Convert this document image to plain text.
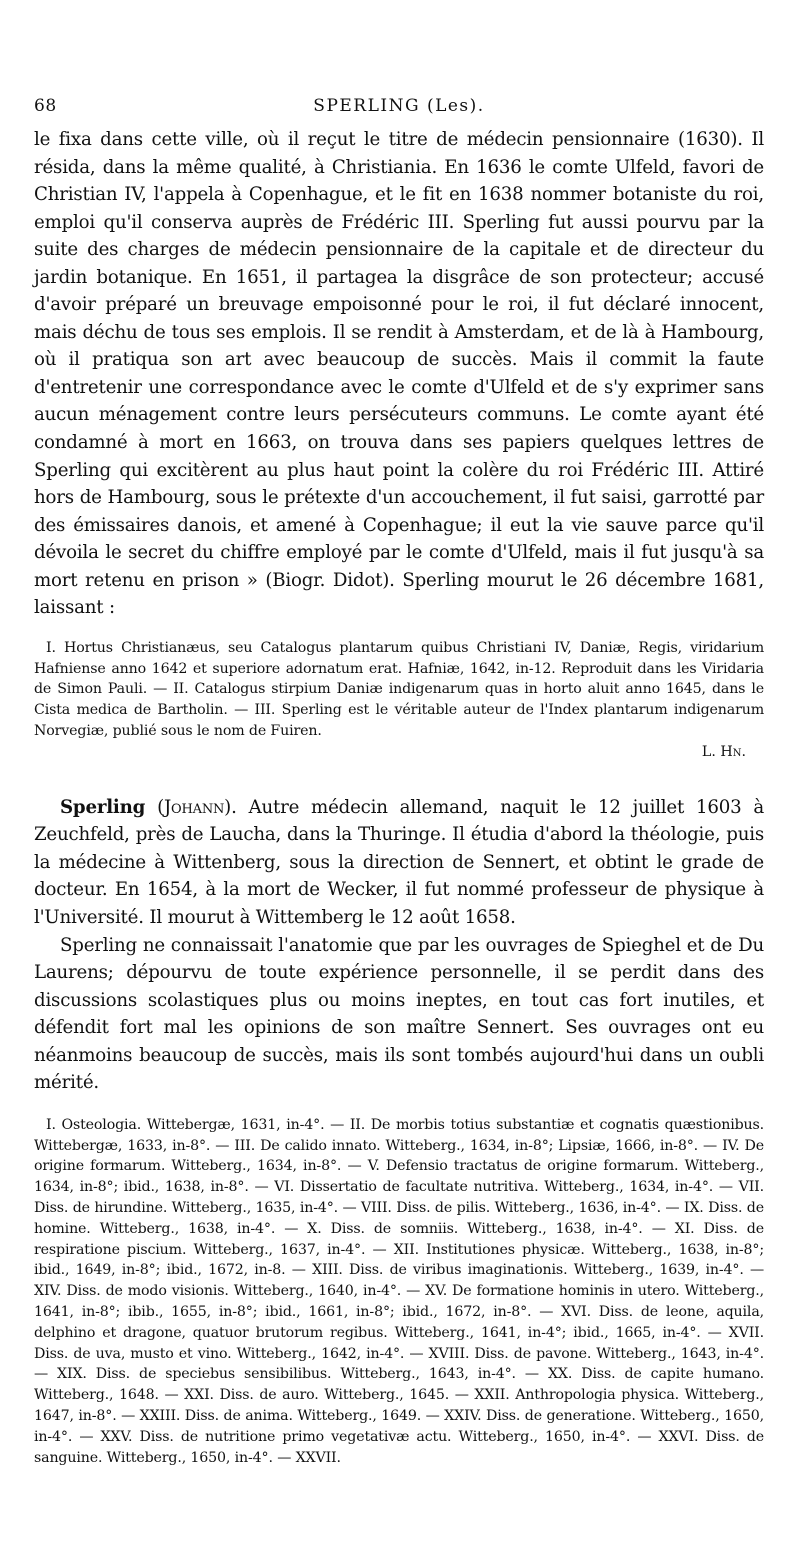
68	SPERLING (Les).

le fixa dans cette ville, où il reçut le titre de médecin pensionnaire (1630). Il résida, dans la même qualité, à Christiania. En 1636 le comte Ulfeld, favori de Christian IV, l'appela à Copenhague, et le fit en 1638 nommer botaniste du roi, emploi qu'il conserva auprès de Frédéric III. Sperling fut aussi pourvu par la suite des charges de médecin pensionnaire de la capitale et de directeur du jardin botanique. En 1651, il partagea la disgrâce de son protecteur; accusé d'avoir préparé un breuvage empoisonné pour le roi, il fut déclaré innocent, mais déchu de tous ses emplois. Il se rendit à Amsterdam, et de là à Hambourg, où il pratiqua son art avec beaucoup de succès. Mais il commit la faute d'entretenir une correspondance avec le comte d'Ulfeld et de s'y exprimer sans aucun ménagement contre leurs persécuteurs communs. Le comte ayant été condamné à mort en 1663, on trouva dans ses papiers quelques lettres de Sperling qui excitèrent au plus haut point la colère du roi Frédéric III. Attiré hors de Hambourg, sous le prétexte d'un accouchement, il fut saisi, garrotté par des émissaires danois, et amené à Copenhague; il eut la vie sauve parce qu'il dévoila le secret du chiffre employé par le comte d'Ulfeld, mais il fut jusqu'à sa mort retenu en prison » (Biogr. Didot). Sperling mourut le 26 décembre 1681, laissant :

I. Hortus Christianæus, seu Catalogus plantarum quibus Christiani IV, Daniæ, Regis, viridarium Hafniense anno 1642 et superiore adornatum erat. Hafniæ, 1642, in-12. Reproduit dans les Viridaria de Simon Pauli. — II. Catalogus stirpium Daniæ indigenarum quas in horto aluit anno 1645, dans le Cista medica de Bartholin. — III. Sperling est le véritable auteur de l'Index plantarum indigenarum Norvegiæ, publié sous le nom de Fuiren.

L. Hn.

Sperling (Johann). Autre médecin allemand, naquit le 12 juillet 1603 à Zeuchfeld, près de Laucha, dans la Thuringe. Il étudia d'abord la théologie, puis la médecine à Wittenberg, sous la direction de Sennert, et obtint le grade de docteur. En 1654, à la mort de Wecker, il fut nommé professeur de physique à l'Université. Il mourut à Wittemberg le 12 août 1658.

Sperling ne connaissait l'anatomie que par les ouvrages de Spieghel et de Du Laurens; dépourvu de toute expérience personnelle, il se perdit dans des discussions scolastiques plus ou moins ineptes, en tout cas fort inutiles, et défendit fort mal les opinions de son maître Sennert. Ses ouvrages ont eu néanmoins beaucoup de succès, mais ils sont tombés aujourd'hui dans un oubli mérité.

I. Osteologia. Wittebergæ, 1631, in-4°. — II. De morbis totius substantiæ et cognatis quæstionibus. Wittebergæ, 1633, in-8°. — III. De calido innato. Witteberg., 1634, in-8°; Lipsiæ, 1666, in-8°. — IV. De origine formarum. Witteberg., 1634, in-8°. — V. Defensio tractatus de origine formarum. Witteberg., 1634, in-8°; ibid., 1638, in-8°. — VI. Dissertatio de facultate nutritiva. Witteberg., 1634, in-4°. — VII. Diss. de hirundine. Witteberg., 1635, in-4°. — VIII. Diss. de pilis. Witteberg., 1636, in-4°. — IX. Diss. de homine. Witteberg., 1638, in-4°. — X. Diss. de somniis. Witteberg., 1638, in-4°. — XI. Diss. de respiratione piscium. Witteberg., 1637, in-4°. — XII. Institutiones physicæ. Witteberg., 1638, in-8°; ibid., 1649, in-8°; ibid., 1672, in-8. — XIII. Diss. de viribus imaginationis. Witteberg., 1639, in-4°. — XIV. Diss. de modo visionis. Witteberg., 1640, in-4°. — XV. De formatione hominis in utero. Witteberg., 1641, in-8°; ibib., 1655, in-8°; ibid., 1661, in-8°; ibid., 1672, in-8°. — XVI. Diss. de leone, aquila, delphino et dragone, quatuor brutorum regibus. Witteberg., 1641, in-4°; ibid., 1665, in-4°. — XVII. Diss. de uva, musto et vino. Witteberg., 1642, in-4°. — XVIII. Diss. de pavone. Witteberg., 1643, in-4°. — XIX. Diss. de speciebus sensibilibus. Witteberg., 1643, in-4°. — XX. Diss. de capite humano. Witteberg., 1648. — XXI. Diss. de auro. Witteberg., 1645. — XXII. Anthropologia physica. Witteberg., 1647, in-8°. — XXIII. Diss. de anima. Witteberg., 1649. — XXIV. Diss. de generatione. Witteberg., 1650, in-4°. — XXV. Diss. de nutritione primo vegetativæ actu. Witteberg., 1650, in-4°. — XXVI. Diss. de sanguine. Witteberg., 1650, in-4°. — XXVII.
